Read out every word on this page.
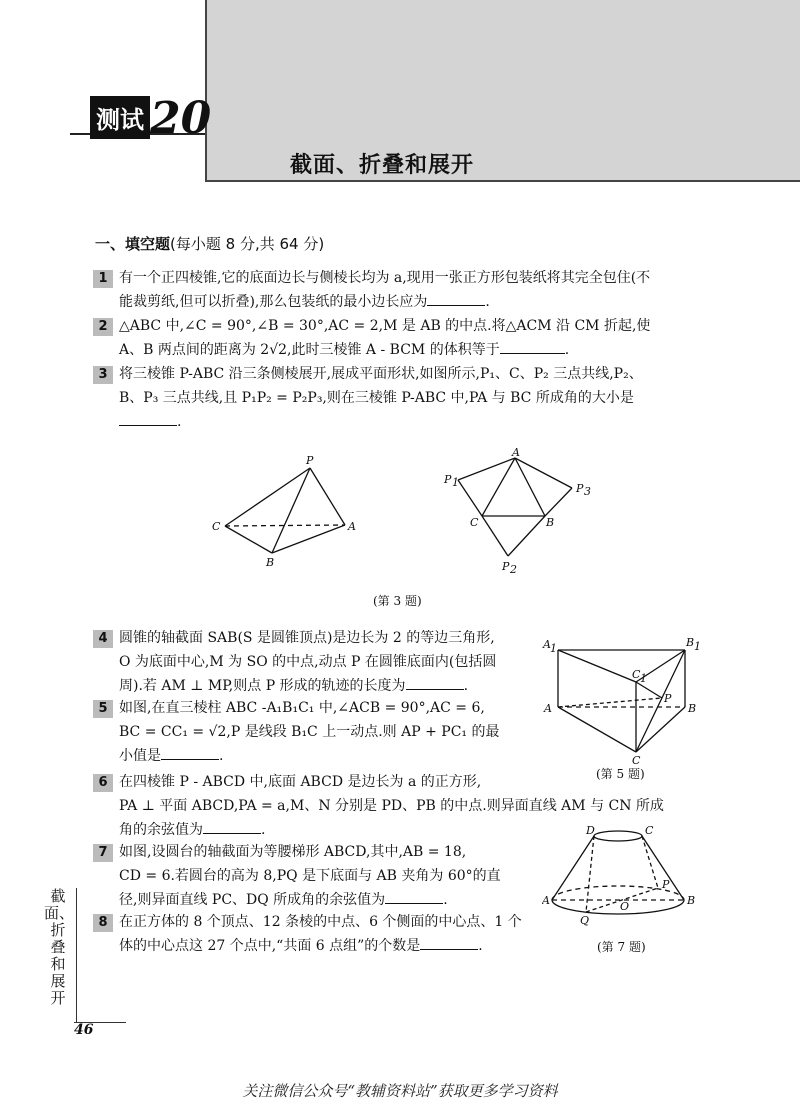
测试 20
截面、折叠和展开
一、填空题(每小题 8 分,共 64 分)
1 有一个正四棱锥,它的底面边长与侧棱长均为 a,现用一张正方形包装纸将其完全包住(不
能裁剪纸,但可以折叠),那么包装纸的最小边长应为	.
2 △ABC 中,∠C = 90°,∠B = 30°,AC = 2,M 是 AB 的中点.将△ACM 沿 CM 折起,使
A、B 两点间的距离为 2√2,此时三棱锥 A - BCM 的体积等于	.
3 将三棱锥 P-ABC 沿三条侧棱展开,展成平面形状,如图所示,P₁、C、P₂ 三点共线,P₂、
B、P₃ 三点共线,且 P₁P₂ = P₂P₃,则在三棱锥 P-ABC 中,PA 与 BC 所成角的大小是
.
P
C	A
B
A
P 1	P 3
C	B
P 2
(第 3 题)
4 圆锥的轴截面 SAB(S 是圆锥顶点)是边长为 2 的等边三角形,
O 为底面中心,M 为 SO 的中点,动点 P 在圆锥底面内(包括圆
周).若 AM ⊥ MP,则点 P 形成的轨迹的长度为	.
5 如图,在直三棱柱 ABC -A₁B₁C₁ 中,∠ACB = 90°,AC = 6,
BC = CC₁ = √2,P 是线段 B₁C 上一动点.则 AP + PC₁ 的最
小值是	.
A 1	B 1
C 1
P
A	B
C
(第 5 题)
6 在四棱锥 P - ABCD 中,底面 ABCD 是边长为 a 的正方形,
PA ⊥ 平面 ABCD,PA = a,M、N 分别是 PD、PB 的中点.则异面直线 AM 与 CN 所成
角的余弦值为	.
7 如图,设圆台的轴截面为等腰梯形 ABCD,其中,AB = 18,
CD = 6.若圆台的高为 8,PQ 是下底面与 AB 夹角为 60°的直
径,则异面直线 PC、DQ 所成角的余弦值为	.
D	C
P
A	B
O
Q
(第 7 题)
8 在正方体的 8 个顶点、12 条棱的中点、6 个侧面的中心点、1 个
体的中心点这 27 个点中,“共面 6 点组”的个数是	.
截面、折叠和展开
46
关注微信公众号“教辅资料站”获取更多学习资料
